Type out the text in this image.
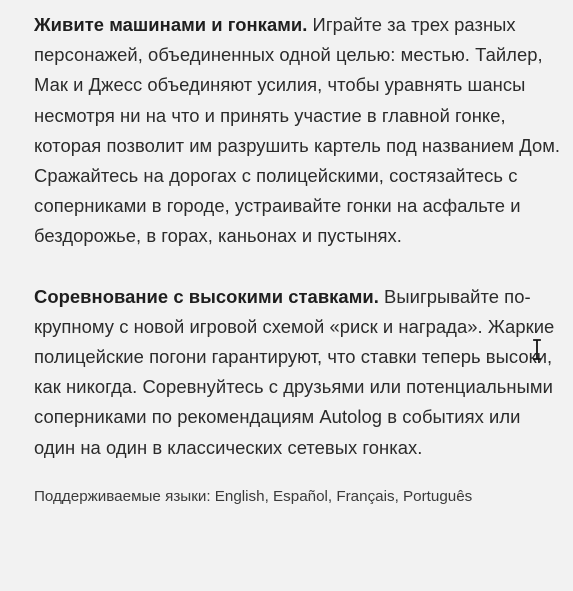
Живите машинами и гонками. Играйте за трех разных персонажей, объединенных одной целью: местью. Тайлер, Мак и Джесс объединяют усилия, чтобы уравнять шансы несмотря ни на что и принять участие в главной гонке, которая позволит им разрушить картель под названием Дом. Сражайтесь на дорогах с полицейскими, состязайтесь с соперниками в городе, устраивайте гонки на асфальте и бездорожье, в горах, каньонах и пустынях.

Соревнование с высокими ставками. Выигрывайте по-крупному с новой игровой схемой «риск и награда». Жаркие полицейские погони гарантируют, что ставки теперь высоки, как никогда. Соревнуйтесь с друзьями или потенциальными соперниками по рекомендациям Autolog в событиях или один на один в классических сетевых гонках.

Поддерживаемые языки: English, Español, Français, Português
